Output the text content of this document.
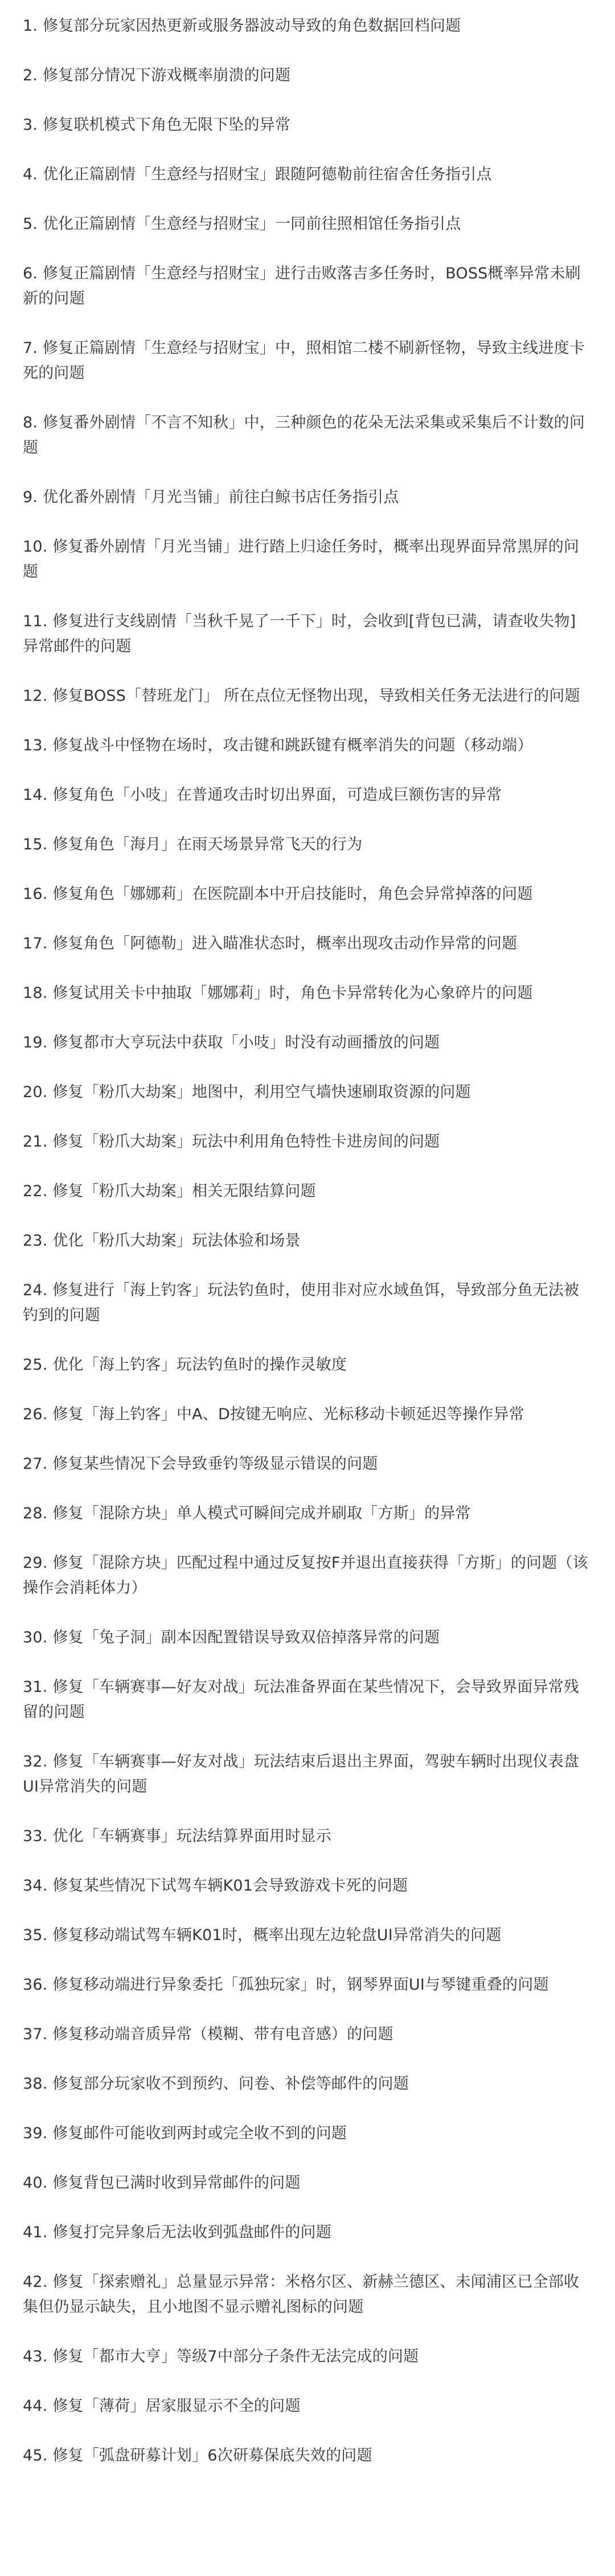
1. 修复部分玩家因热更新或服务器波动导致的角色数据回档问题
2. 修复部分情况下游戏概率崩溃的问题
3. 修复联机模式下角色无限下坠的异常
4. 优化正篇剧情「生意经与招财宝」跟随阿德勒前往宿舍任务指引点
5. 优化正篇剧情「生意经与招财宝」一同前往照相馆任务指引点
6. 修复正篇剧情「生意经与招财宝」进行击败落吉多任务时，BOSS概率异常未刷新的问题
7. 修复正篇剧情「生意经与招财宝」中，照相馆二楼不刷新怪物，导致主线进度卡死的问题
8. 修复番外剧情「不言不知秋」中，三种颜色的花朵无法采集或采集后不计数的问题
9. 优化番外剧情「月光当铺」前往白鲸书店任务指引点
10. 修复番外剧情「月光当铺」进行踏上归途任务时，概率出现界面异常黑屏的问题
11. 修复进行支线剧情「当秋千晃了一千下」时，会收到[背包已满，请查收失物]异常邮件的问题
12. 修复BOSS「替班龙门」 所在点位无怪物出现，导致相关任务无法进行的问题
13. 修复战斗中怪物在场时，攻击键和跳跃键有概率消失的问题（移动端）
14. 修复角色「小吱」在普通攻击时切出界面，可造成巨额伤害的异常
15. 修复角色「海月」在雨天场景异常飞天的行为
16. 修复角色「娜娜莉」在医院副本中开启技能时，角色会异常掉落的问题
17. 修复角色「阿德勒」进入瞄准状态时，概率出现攻击动作异常的问题
18. 修复试用关卡中抽取「娜娜莉」时，角色卡异常转化为心象碎片的问题
19. 修复都市大亨玩法中获取「小吱」时没有动画播放的问题
20. 修复「粉爪大劫案」地图中，利用空气墙快速刷取资源的问题
21. 修复「粉爪大劫案」玩法中利用角色特性卡进房间的问题
22. 修复「粉爪大劫案」相关无限结算问题
23. 优化「粉爪大劫案」玩法体验和场景
24. 修复进行「海上钓客」玩法钓鱼时，使用非对应水域鱼饵，导致部分鱼无法被钓到的问题
25. 优化「海上钓客」玩法钓鱼时的操作灵敏度
26. 修复「海上钓客」中A、D按键无响应、光标移动卡顿延迟等操作异常
27. 修复某些情况下会导致垂钓等级显示错误的问题
28. 修复「混除方块」单人模式可瞬间完成并刷取「方斯」的异常
29. 修复「混除方块」匹配过程中通过反复按F并退出直接获得「方斯」的问题（该操作会消耗体力）
30. 修复「兔子洞」副本因配置错误导致双倍掉落异常的问题
31. 修复「车辆赛事—好友对战」玩法准备界面在某些情况下，会导致界面异常残留的问题
32. 修复「车辆赛事—好友对战」玩法结束后退出主界面，驾驶车辆时出现仪表盘UI异常消失的问题
33. 优化「车辆赛事」玩法结算界面用时显示
34. 修复某些情况下试驾车辆K01会导致游戏卡死的问题
35. 修复移动端试驾车辆K01时，概率出现左边轮盘UI异常消失的问题
36. 修复移动端进行异象委托「孤独玩家」时，钢琴界面UI与琴键重叠的问题
37. 修复移动端音质异常（模糊、带有电音感）的问题
38. 修复部分玩家收不到预约、问卷、补偿等邮件的问题
39. 修复邮件可能收到两封或完全收不到的问题
40. 修复背包已满时收到异常邮件的问题
41. 修复打完异象后无法收到弧盘邮件的问题
42. 修复「探索赠礼」总量显示异常：米格尔区、新赫兰德区、未闻浦区已全部收集但仍显示缺失，且小地图不显示赠礼图标的问题
43. 修复「都市大亨」等级7中部分子条件无法完成的问题
44. 修复「薄荷」居家服显示不全的问题
45. 修复「弧盘研募计划」6次研募保底失效的问题
